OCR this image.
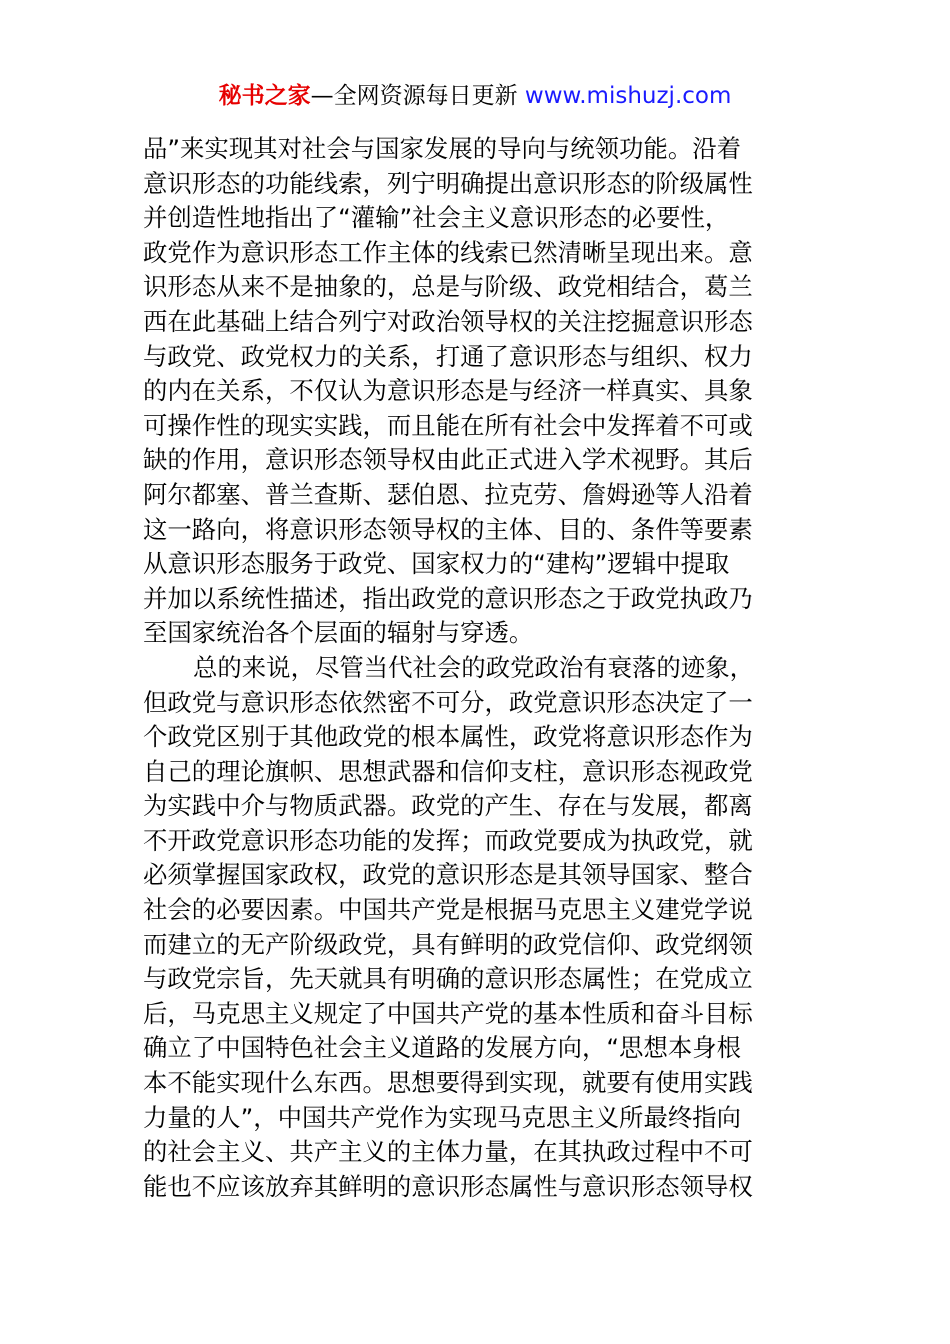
秘书之家—全网资源每日更新 www.mishuzj.com
品”来实现其对社会与国家发展的导向与统领功能。沿着
意识形态的功能线索，列宁明确提出意识形态的阶级属性
并创造性地指出了“灌输”社会主义意识形态的必要性，
政党作为意识形态工作主体的线索已然清晰呈现出来。意
识形态从来不是抽象的，总是与阶级、政党相结合，葛兰
西在此基础上结合列宁对政治领导权的关注挖掘意识形态
与政党、政党权力的关系，打通了意识形态与组织、权力
的内在关系，不仅认为意识形态是与经济一样真实、具象
可操作性的现实实践，而且能在所有社会中发挥着不可或
缺的作用，意识形态领导权由此正式进入学术视野。其后
阿尔都塞、普兰查斯、瑟伯恩、拉克劳、詹姆逊等人沿着
这一路向，将意识形态领导权的主体、目的、条件等要素
从意识形态服务于政党、国家权力的“建构”逻辑中提取
并加以系统性描述，指出政党的意识形态之于政党执政乃
至国家统治各个层面的辐射与穿透。
总的来说，尽管当代社会的政党政治有衰落的迹象，
但政党与意识形态依然密不可分，政党意识形态决定了一
个政党区别于其他政党的根本属性，政党将意识形态作为
自己的理论旗帜、思想武器和信仰支柱，意识形态视政党
为实践中介与物质武器。政党的产生、存在与发展，都离
不开政党意识形态功能的发挥；而政党要成为执政党，就
必须掌握国家政权，政党的意识形态是其领导国家、整合
社会的必要因素。中国共产党是根据马克思主义建党学说
而建立的无产阶级政党，具有鲜明的政党信仰、政党纲领
与政党宗旨，先天就具有明确的意识形态属性；在党成立
后，马克思主义规定了中国共产党的基本性质和奋斗目标
确立了中国特色社会主义道路的发展方向，“思想本身根
本不能实现什么东西。思想要得到实现，就要有使用实践
力量的人”，中国共产党作为实现马克思主义所最终指向
的社会主义、共产主义的主体力量，在其执政过程中不可
能也不应该放弃其鲜明的意识形态属性与意识形态领导权
